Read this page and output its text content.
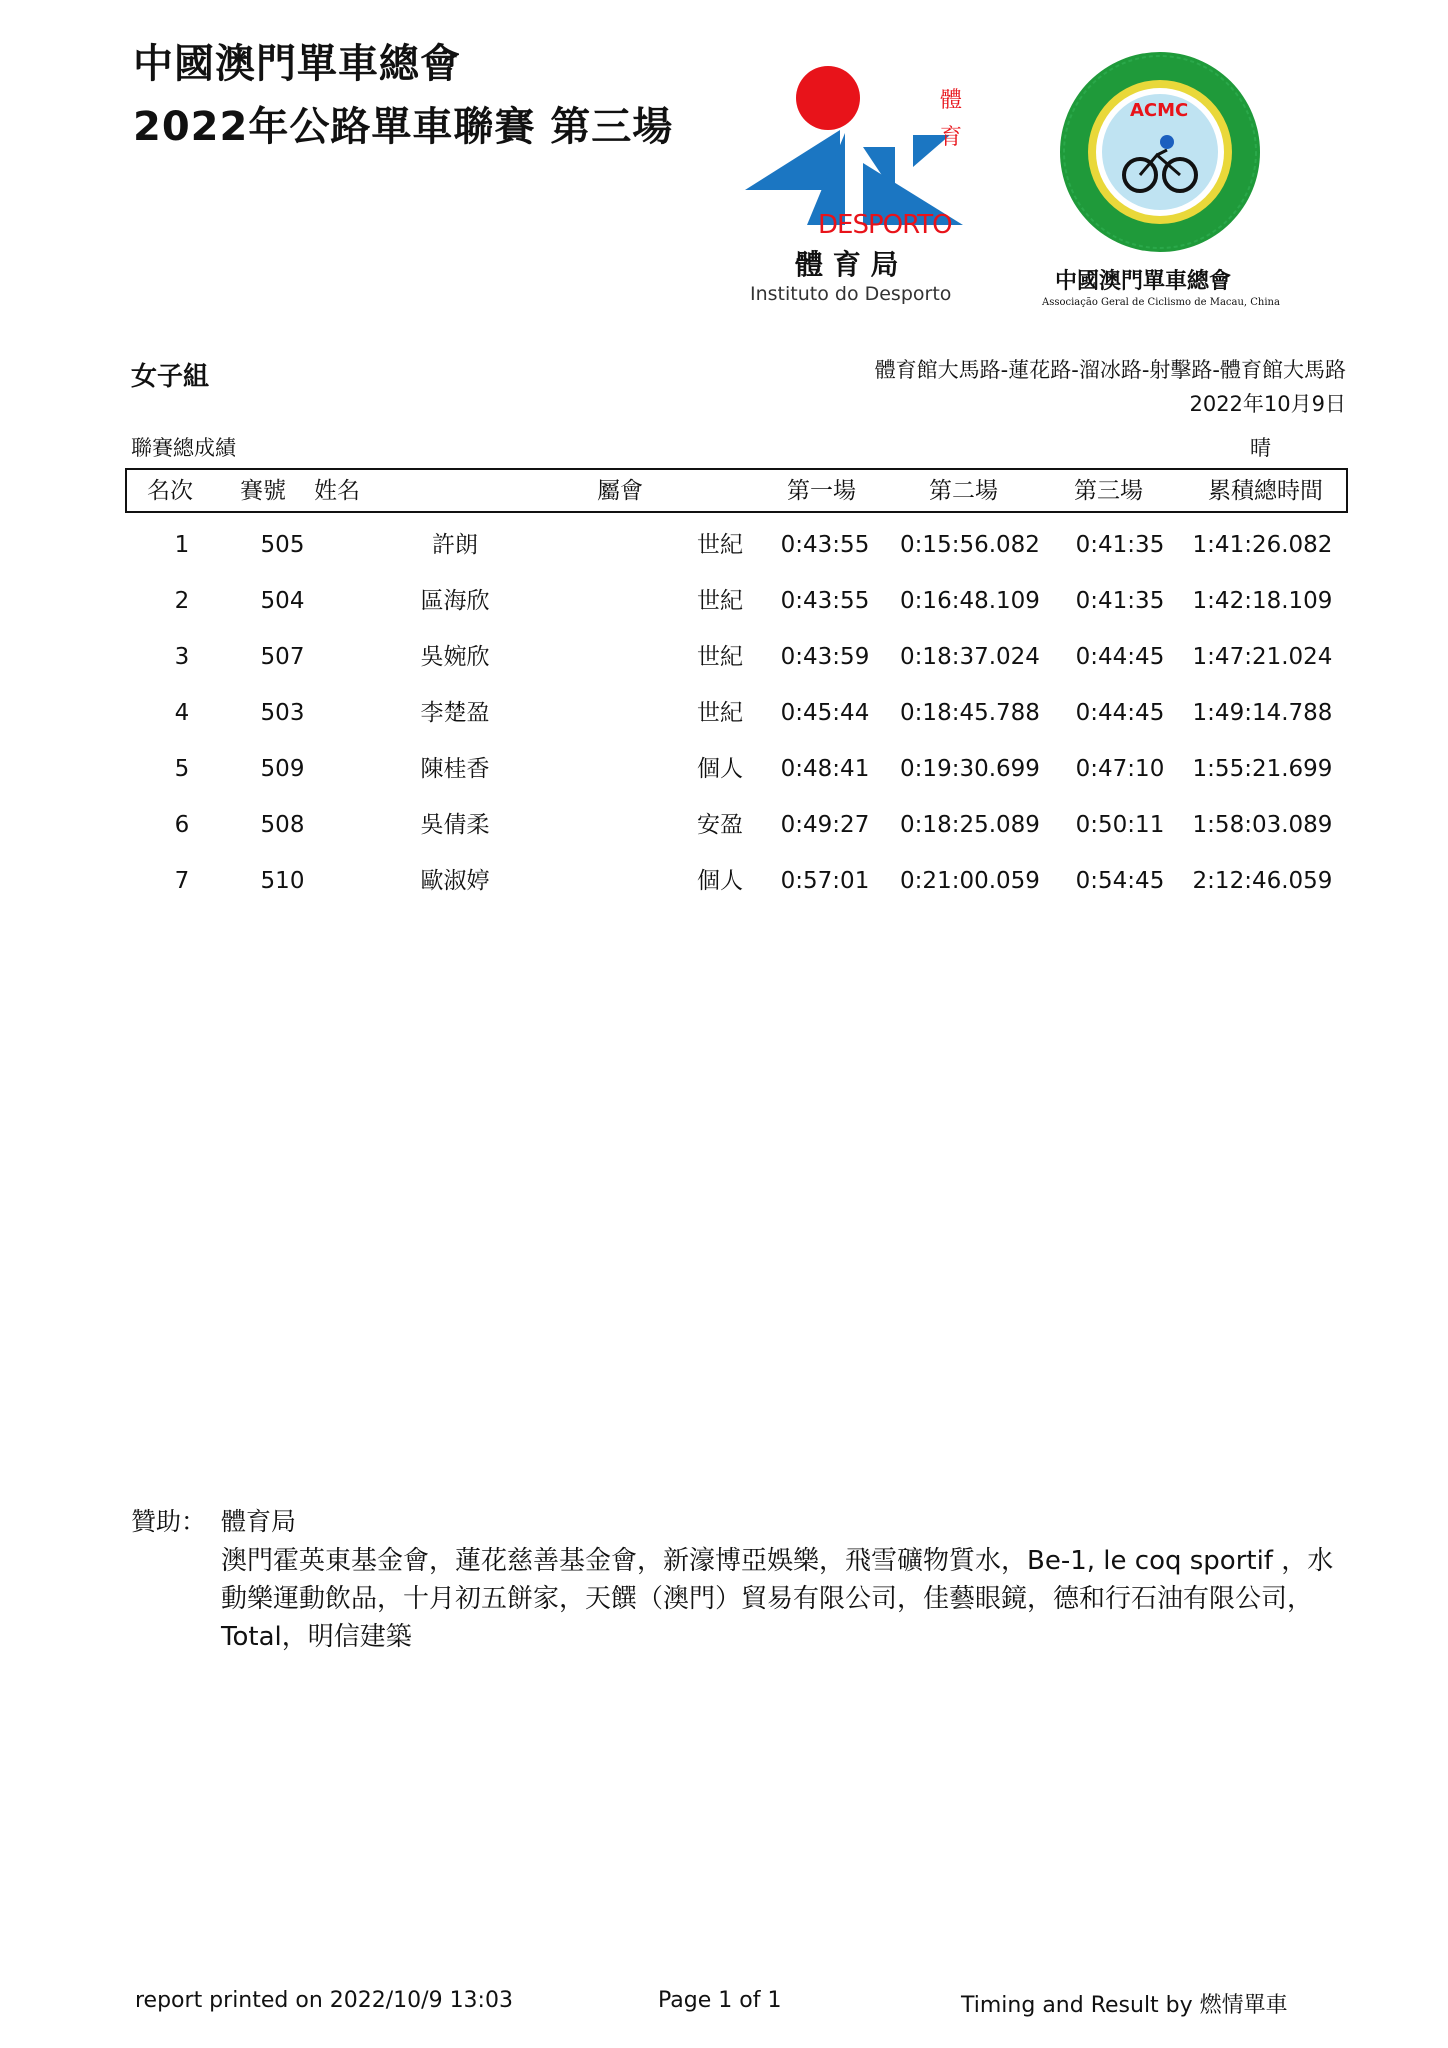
中國澳門單車總會
2022年公路單車聯賽 第三場
體
育
DESPORTO
體 育 局
Instituto do Desporto
ACMC
中國澳門單車總會
Associação Geral de Ciclismo de Macau, China
女子組	體育館大馬路-蓮花路-溜冰路-射擊路-體育館大馬路
2022年10月9日
聯賽總成績	晴
名次 賽號 姓名	屬會	第一場	第二場	第三場	累積總時間
1	505	許朗	世紀	0:43:55	0:15:56.082	0:41:35	1:41:26.082
2	504	區海欣	世紀	0:43:55	0:16:48.109	0:41:35	1:42:18.109
3	507	吳婉欣	世紀	0:43:59	0:18:37.024	0:44:45	1:47:21.024
4	503	李楚盈	世紀	0:45:44	0:18:45.788	0:44:45	1:49:14.788
5	509	陳桂香	個人	0:48:41	0:19:30.699	0:47:10	1:55:21.699
6	508	吳倩柔	安盈	0:49:27	0:18:25.089	0:50:11	1:58:03.089
7	510	歐淑婷	個人	0:57:01	0:21:00.059	0:54:45	2:12:46.059
贊助： 體育局
澳門霍英東基金會，蓮花慈善基金會，新濠博亞娛樂，飛雪礦物質水，Be-1, le coq sportif ，水動樂運動飲品，十月初五餅家，天饌（澳門）貿易有限公司，佳藝眼鏡，德和行石油有限公司，Total，明信建築
report printed on 2022/10/9 13:03	Page 1 of 1	Timing and Result by 燃情單車
